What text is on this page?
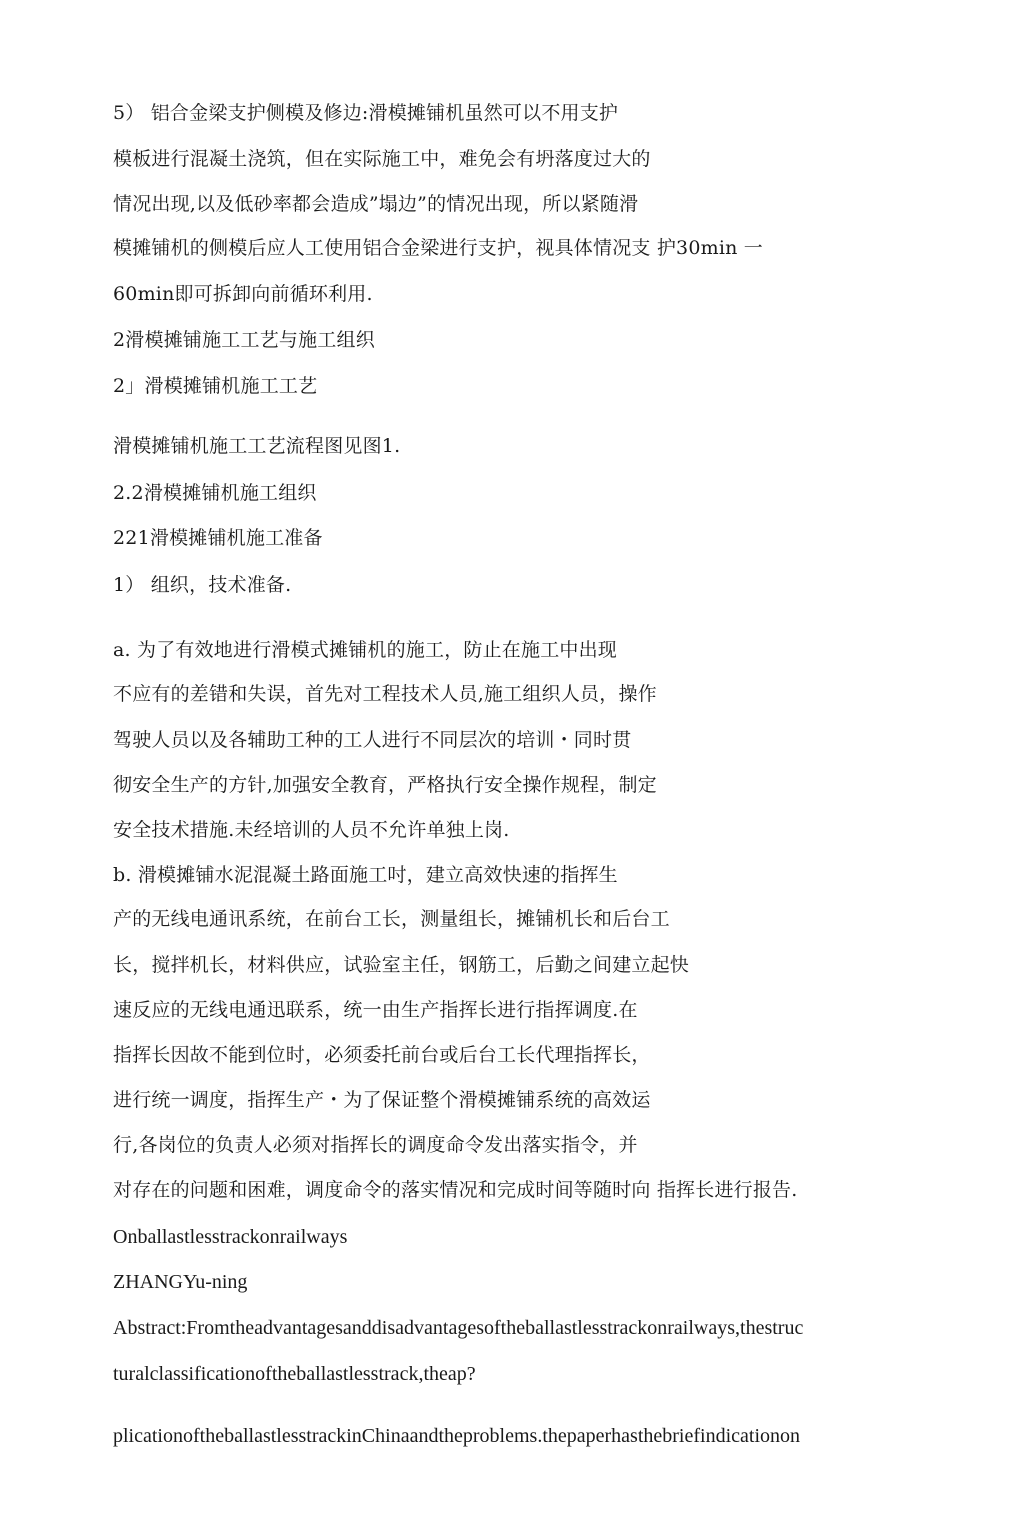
5） 铝合金梁支护侧模及修边:滑模摊铺机虽然可以不用支护
模板进行混凝土浇筑，但在实际施工中，难免会有坍落度过大的
情况出现,以及低砂率都会造成”塌边”的情况出现，所以紧随滑
模摊铺机的侧模后应人工使用铝合金梁进行支护，视具体情况支 护30min 一
60min即可拆卸向前循环利用.
2滑模摊铺施工工艺与施工组织
2」滑模摊铺机施工工艺
滑模摊铺机施工工艺流程图见图1.
2.2滑模摊铺机施工组织
221滑模摊铺机施工准备
1） 组织，技术准备.
a. 为了有效地进行滑模式摊铺机的施工，防止在施工中出现
不应有的差错和失误，首先对工程技术人员,施工组织人员，操作
驾驶人员以及各辅助工种的工人进行不同层次的培训・同时贯
彻安全生产的方针,加强安全教育，严格执行安全操作规程，制定
安全技术措施.未经培训的人员不允许单独上岗.
b. 滑模摊铺水泥混凝土路面施工吋，建立高效快速的指挥生
产的无线电通讯系统，在前台工长，测量组长，摊铺机长和后台工
长，搅拌机长，材料供应，试验室主任，钢筋工，后勤之间建立起快
速反应的无线电通迅联系，统一由生产指挥长进行指挥调度.在
指挥长因故不能到位时，必须委托前台或后台工长代理指挥长，
进行统一调度，指挥生产・为了保证整个滑模摊铺系统的高效运
行,各岗位的负责人必须对指挥长的调度命令发出落实指令，并
对存在的问题和困难，调度命令的落实情况和完成时间等随时向 指挥长进行报告.
Onballastlesstrackonrailways
ZHANGYu-ning
Abstract:Fromtheadvantagesanddisadvantagesoftheballastlesstrackonrailways,thestruc
turalclassificationoftheballastlesstrack,theap?
plicationoftheballastlesstrackinChinaandtheproblems.thepaperhasthebriefindicationon
